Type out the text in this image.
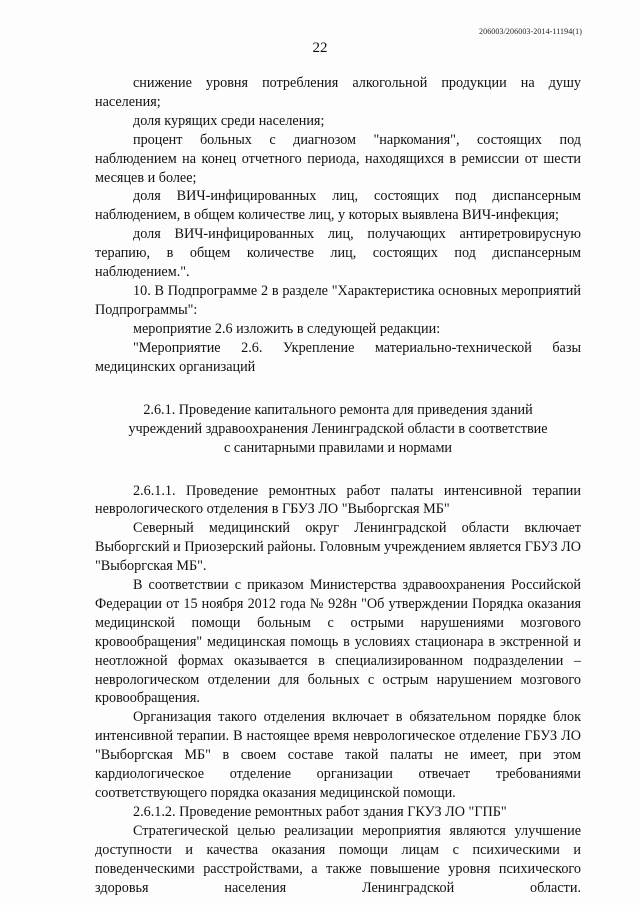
206003/206003-2014-11194(1)
22

снижение уровня потребления алкогольной продукции на душу населения;

доля курящих среди населения;

процент больных с диагнозом "наркомания", состоящих под наблюдением на конец отчетного периода, находящихся в ремиссии от шести месяцев и более;

доля ВИЧ-инфицированных лиц, состоящих под диспансерным наблюдением, в общем количестве лиц, у которых выявлена ВИЧ-инфекция;

доля ВИЧ-инфицированных лиц, получающих антиретровирусную терапию, в общем количестве лиц, состоящих под диспансерным наблюдением.".

10. В Подпрограмме 2 в разделе "Характеристика основных мероприятий Подпрограммы":

мероприятие 2.6 изложить в следующей редакции:

"Мероприятие 2.6. Укрепление материально-технической базы медицинских организаций

2.6.1. Проведение капитального ремонта для приведения зданий
учреждений здравоохранения Ленинградской области в соответствие
с санитарными правилами и нормами

2.6.1.1. Проведение ремонтных работ палаты интенсивной терапии неврологического отделения в ГБУЗ ЛО "Выборгская МБ"

Северный медицинский округ Ленинградской области включает Выборгский и Приозерский районы. Головным учреждением является ГБУЗ ЛО "Выборгская МБ".

В соответствии с приказом Министерства здравоохранения Российской Федерации от 15 ноября 2012 года № 928н "Об утверждении Порядка оказания медицинской помощи больным с острыми нарушениями мозгового кровообращения" медицинская помощь в условиях стационара в экстренной и неотложной формах оказывается в специализированном подразделении – неврологическом отделении для больных с острым нарушением мозгового кровообращения.

Организация такого отделения включает в обязательном порядке блок интенсивной терапии. В настоящее время неврологическое отделение ГБУЗ ЛО "Выборгская МБ" в своем составе такой палаты не имеет, при этом кардиологическое отделение организации отвечает требованиями соответствующего порядка оказания медицинской помощи.

2.6.1.2. Проведение ремонтных работ здания ГКУЗ ЛО "ГПБ"

Стратегической целью реализации мероприятия являются улучшение доступности и качества оказания помощи лицам с психическими и поведенческими расстройствами, а также повышение уровня психического здоровья населения Ленинградской области.
